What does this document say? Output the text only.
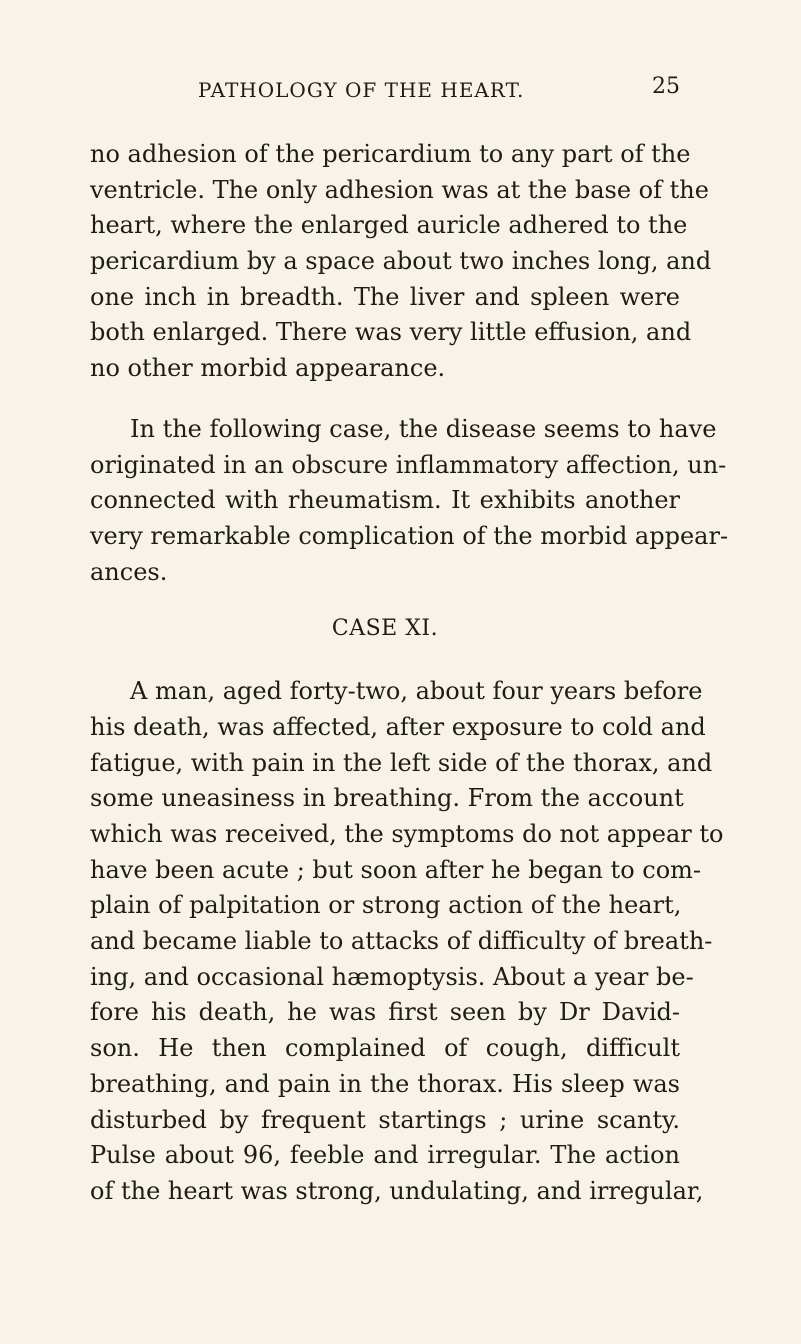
PATHOLOGY OF THE HEART.	25
no adhesion of the pericardium to any part of the
ventricle. The only adhesion was at the base of the
heart, where the enlarged auricle adhered to the
pericardium by a space about two inches long, and
one inch in breadth. The liver and spleen were
both enlarged. There was very little effusion, and
no other morbid appearance.
In the following case, the disease seems to have
originated in an obscure inflammatory affection, un-
connected with rheumatism. It exhibits another
very remarkable complication of the morbid appear-
ances.
CASE XI.
A man, aged forty-two, about four years before
his death, was affected, after exposure to cold and
fatigue, with pain in the left side of the thorax, and
some uneasiness in breathing. From the account
which was received, the symptoms do not appear to
have been acute ; but soon after he began to com-
plain of palpitation or strong action of the heart,
and became liable to attacks of difficulty of breath-
ing, and occasional hæmoptysis. About a year be-
fore his death, he was first seen by Dr David-
son. He then complained of cough, difficult
breathing, and pain in the thorax. His sleep was
disturbed by frequent startings ; urine scanty.
Pulse about 96, feeble and irregular. The action
of the heart was strong, undulating, and irregular,
